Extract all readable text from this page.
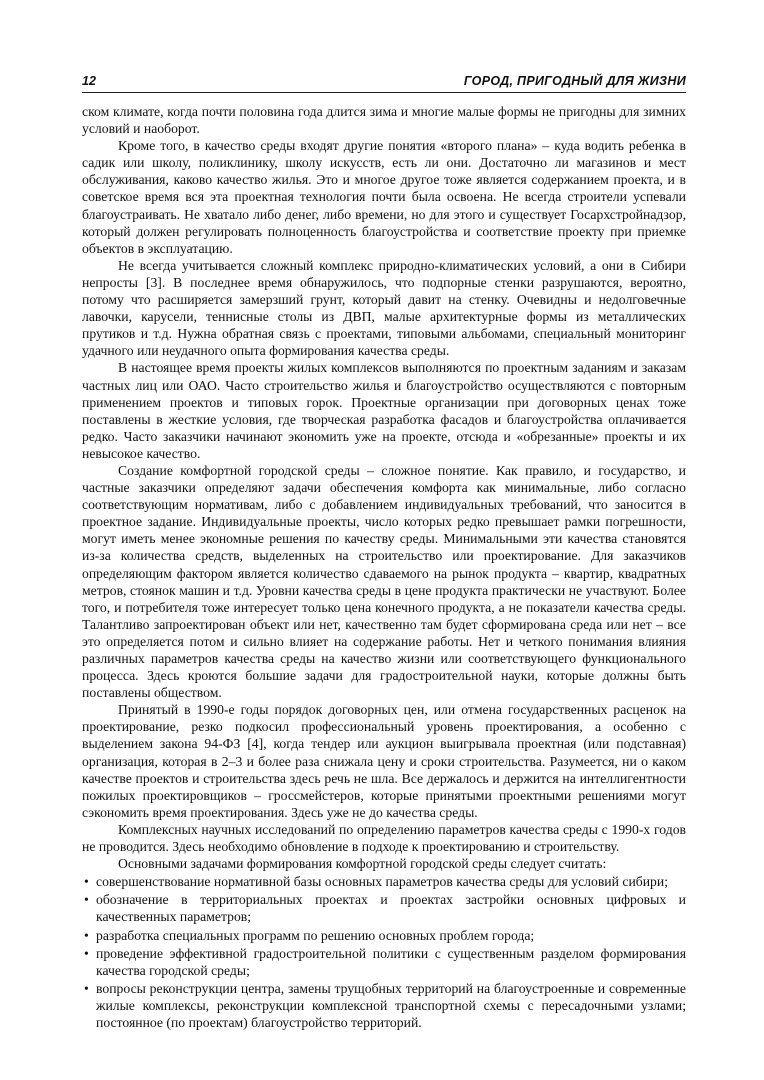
12	ГОРОД, ПРИГОДНЫЙ ДЛЯ ЖИЗНИ

ском климате, когда почти половина года длится зима и многие малые формы не пригодны для зимних условий и наоборот.

Кроме того, в качество среды входят другие понятия «второго плана» – куда водить ребенка в садик или школу, поликлинику, школу искусств, есть ли они. Достаточно ли магазинов и мест обслуживания, каково качество жилья. Это и многое другое тоже является содержанием проекта, и в советское время вся эта проектная технология почти была освоена. Не всегда строители успевали благоустраивать. Не хватало либо денег, либо времени, но для этого и существует Госархстройнадзор, который должен регулировать полноценность благоустройства и соответствие проекту при приемке объектов в эксплуатацию.

Не всегда учитывается сложный комплекс природно-климатических условий, а они в Сибири непросты [3]. В последнее время обнаружилось, что подпорные стенки разрушаются, вероятно, потому что расширяется замерзший грунт, который давит на стенку. Очевидны и недолговечные лавочки, карусели, теннисные столы из ДВП, малые архитектурные формы из металлических прутиков и т.д. Нужна обратная связь с проектами, типовыми альбомами, специальный мониторинг удачного или неудачного опыта формирования качества среды.

В настоящее время проекты жилых комплексов выполняются по проектным заданиям и заказам частных лиц или ОАО. Часто строительство жилья и благоустройство осуществляются с повторным применением проектов и типовых горок. Проектные организации при договорных ценах тоже поставлены в жесткие условия, где творческая разработка фасадов и благоустройства оплачивается редко. Часто заказчики начинают экономить уже на проекте, отсюда и «обрезанные» проекты и их невысокое качество.

Создание комфортной городской среды – сложное понятие. Как правило, и государство, и частные заказчики определяют задачи обеспечения комфорта как минимальные, либо согласно соответствующим нормативам, либо с добавлением индивидуальных требований, что заносится в проектное задание. Индивидуальные проекты, число которых редко превышает рамки погрешности, могут иметь менее экономные решения по качеству среды. Минимальными эти качества становятся из-за количества средств, выделенных на строительство или проектирование. Для заказчиков определяющим фактором является количество сдаваемого на рынок продукта – квартир, квадратных метров, стоянок машин и т.д. Уровни качества среды в цене продукта практически не участвуют. Более того, и потребителя тоже интересует только цена конечного продукта, а не показатели качества среды. Талантливо запроектирован объект или нет, качественно там будет сформирована среда или нет – все это определяется потом и сильно влияет на содержание работы. Нет и четкого понимания влияния различных параметров качества среды на качество жизни или соответствующего функционального процесса. Здесь кроются большие задачи для градостроительной науки, которые должны быть поставлены обществом.

Принятый в 1990-е годы порядок договорных цен, или отмена государственных расценок на проектирование, резко подкосил профессиональный уровень проектирования, а особенно с выделением закона 94-ФЗ [4], когда тендер или аукцион выигрывала проектная (или подставная) организация, которая в 2–3 и более раза снижала цену и сроки строительства. Разумеется, ни о каком качестве проектов и строительства здесь речь не шла. Все держалось и держится на интеллигентности пожилых проектировщиков – гроссмейстеров, которые принятыми проектными решениями могут сэкономить время проектирования. Здесь уже не до качества среды.

Комплексных научных исследований по определению параметров качества среды с 1990-х годов не проводится. Здесь необходимо обновление в подходе к проектированию и строительству.

Основными задачами формирования комфортной городской среды следует считать:

• совершенствование нормативной базы основных параметров качества среды для условий сибири;
• обозначение в территориальных проектах и проектах застройки основных цифровых и качественных параметров;
• разработка специальных программ по решению основных проблем города;
• проведение эффективной градостроительной политики с существенным разделом формирования качества городской среды;
• вопросы реконструкции центра, замены трущобных территорий на благоустроенные и современные жилые комплексы, реконструкции комплексной транспортной схемы с пересадочными узлами; постоянное (по проектам) благоустройство территорий.
